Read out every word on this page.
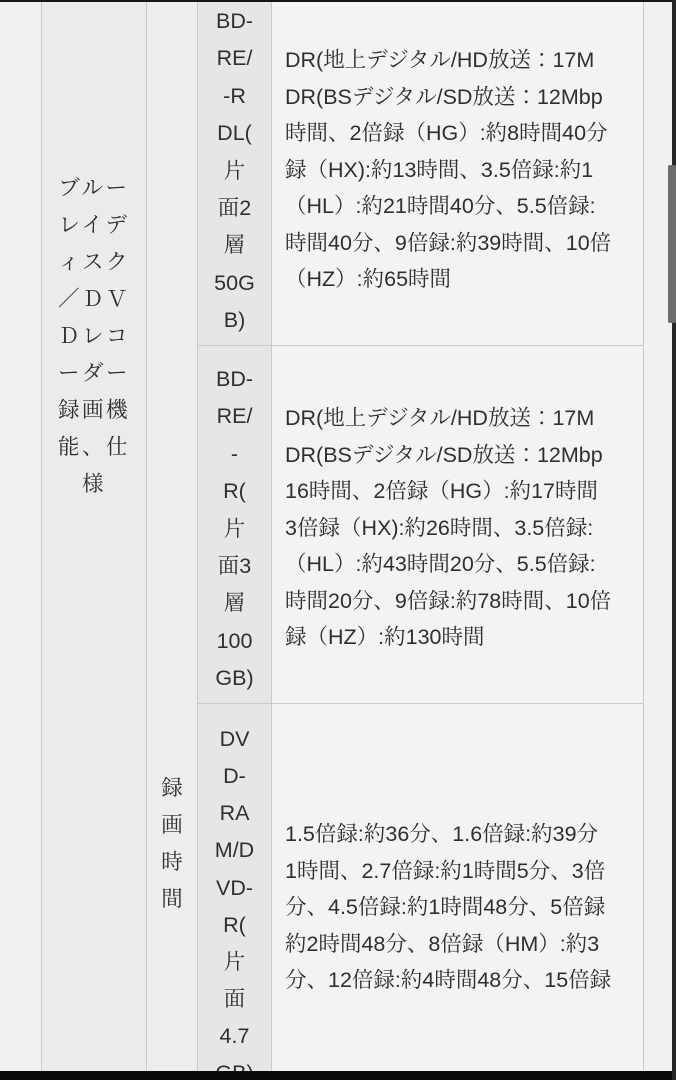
ブルー
レイデ
ィスク
／ＤＶ
Ｄレコ
ーダー
録画機
能、仕
様
録
画
時
間
BD-
RE/
-R
DL(
片
面2
層
50G
B)
BD-
RE/
-
R(
片
面3
層
100
GB)
DV
D-
RA
M/D
VD-
R(
片
面
4.7
DR(地上デジタル/HD放送：17M
DR(BSデジタル/SD放送：12Mbp
時間、2倍録（HG）:約8時間40分
録（HX):約13時間、3.5倍録:約1
（HL）:約21時間40分、5.5倍録:
時間40分、9倍録:約39時間、10倍
（HZ）:約65時間
DR(地上デジタル/HD放送：17M
DR(BSデジタル/SD放送：12Mbp
16時間、2倍録（HG）:約17時間
3倍録（HX):約26時間、3.5倍録:
（HL）:約43時間20分、5.5倍録:
時間20分、9倍録:約78時間、10倍
録（HZ）:約130時間
1.5倍録:約36分、1.6倍録:約39分
1時間、2.7倍録:約1時間5分、3倍
分、4.5倍録:約1時間48分、5倍録
約2時間48分、8倍録（HM）:約3
分、12倍録:約4時間48分、15倍録
